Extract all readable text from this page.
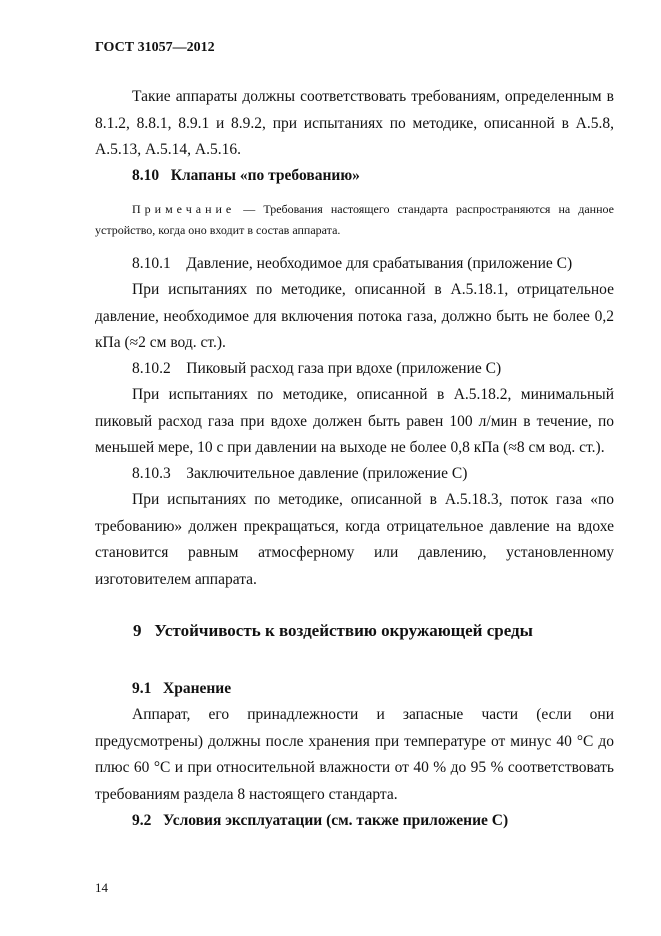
ГОСТ 31057—2012

Такие аппараты должны соответствовать требованиям, определенным в 8.1.2, 8.8.1, 8.9.1 и 8.9.2, при испытаниях по методике, описанной в А.5.8, А.5.13, А.5.14, А.5.16.

8.10 Клапаны «по требованию»
Примечание — Требования настоящего стандарта распространяются на данное устройство, когда оно входит в состав аппарата.
8.10.1 Давление, необходимое для срабатывания (приложение С)

При испытаниях по методике, описанной в А.5.18.1, отрицательное давление, необходимое для включения потока газа, должно быть не более 0,2 кПа (≈2 см вод. ст.).

8.10.2 Пиковый расход газа при вдохе (приложение С)

При испытаниях по методике, описанной в А.5.18.2, минимальный пиковый расход газа при вдохе должен быть равен 100 л/мин в течение, по меньшей мере, 10 с при давлении на выходе не более 0,8 кПа (≈8 см вод. ст.).

8.10.3 Заключительное давление (приложение С)

При испытаниях по методике, описанной в А.5.18.3, поток газа «по требованию» должен прекращаться, когда отрицательное давление на вдохе становится равным атмосферному или давлению, установленному изготовителем аппарата.

9 Устойчивость к воздействию окружающей среды
9.1 Хранение

Аппарат, его принадлежности и запасные части (если они предусмотрены) должны после хранения при температуре от минус 40 °С до плюс 60 °С и при относительной влажности от 40 % до 95 % соответствовать требованиям раздела 8 настоящего стандарта.

9.2 Условия эксплуатации (см. также приложение С)
14
